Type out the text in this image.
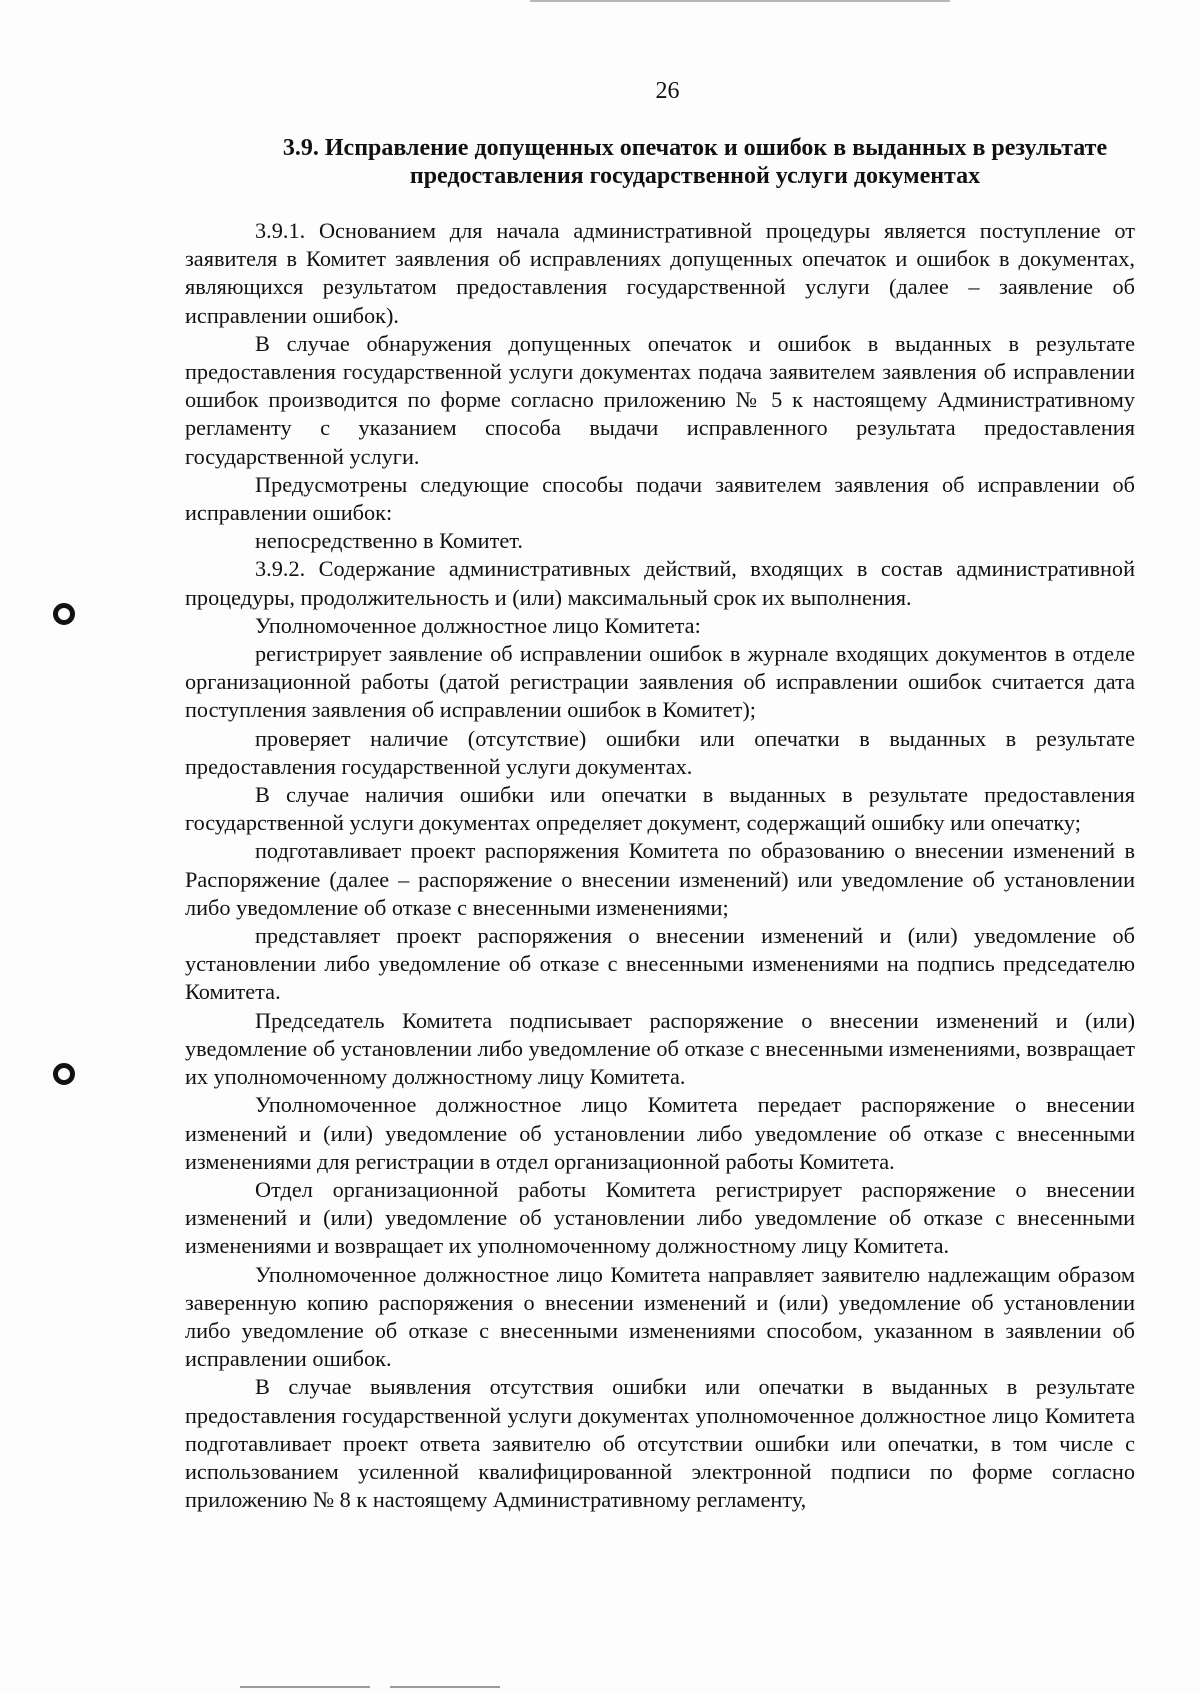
26
3.9. Исправление допущенных опечаток и ошибок в выданных в результате
предоставления государственной услуги документах

3.9.1. Основанием для начала административной процедуры является поступление от заявителя в Комитет заявления об исправлениях допущенных опечаток и ошибок в документах, являющихся результатом предоставления государственной услуги (далее – заявление об исправлении ошибок).

В случае обнаружения допущенных опечаток и ошибок в выданных в результате предоставления государственной услуги документах подача заявителем заявления об исправлении ошибок производится по форме согласно приложению № 5 к настоящему Административному регламенту с указанием способа выдачи исправленного результата предоставления государственной услуги.

Предусмотрены следующие способы подачи заявителем заявления об исправлении об исправлении ошибок:

непосредственно в Комитет.

3.9.2. Содержание административных действий, входящих в состав административной процедуры, продолжительность и (или) максимальный срок их выполнения.

Уполномоченное должностное лицо Комитета:

регистрирует заявление об исправлении ошибок в журнале входящих документов в отделе организационной работы (датой регистрации заявления об исправлении ошибок считается дата поступления заявления об исправлении ошибок в Комитет);

проверяет наличие (отсутствие) ошибки или опечатки в выданных в результате предоставления государственной услуги документах.

В случае наличия ошибки или опечатки в выданных в результате предоставления государственной услуги документах определяет документ, содержащий ошибку или опечатку;

подготавливает проект распоряжения Комитета по образованию о внесении изменений в Распоряжение (далее – распоряжение о внесении изменений) или уведомление об установлении либо уведомление об отказе с внесенными изменениями;

представляет проект распоряжения о внесении изменений и (или) уведомление об установлении либо уведомление об отказе с внесенными изменениями на подпись председателю Комитета.

Председатель Комитета подписывает распоряжение о внесении изменений и (или) уведомление об установлении либо уведомление об отказе с внесенными изменениями, возвращает их уполномоченному должностному лицу Комитета.

Уполномоченное должностное лицо Комитета передает распоряжение о внесении изменений и (или) уведомление об установлении либо уведомление об отказе с внесенными изменениями для регистрации в отдел организационной работы Комитета.

Отдел организационной работы Комитета регистрирует распоряжение о внесении изменений и (или) уведомление об установлении либо уведомление об отказе с внесенными изменениями и возвращает их уполномоченному должностному лицу Комитета.

Уполномоченное должностное лицо Комитета направляет заявителю надлежащим образом заверенную копию распоряжения о внесении изменений и (или) уведомление об установлении либо уведомление об отказе с внесенными изменениями способом, указанном в заявлении об исправлении ошибок.

В случае выявления отсутствия ошибки или опечатки в выданных в результате предоставления государственной услуги документах уполномоченное должностное лицо Комитета подготавливает проект ответа заявителю об отсутствии ошибки или опечатки, в том числе с использованием усиленной квалифицированной электронной подписи по форме согласно приложению № 8 к настоящему Административному регламенту,
